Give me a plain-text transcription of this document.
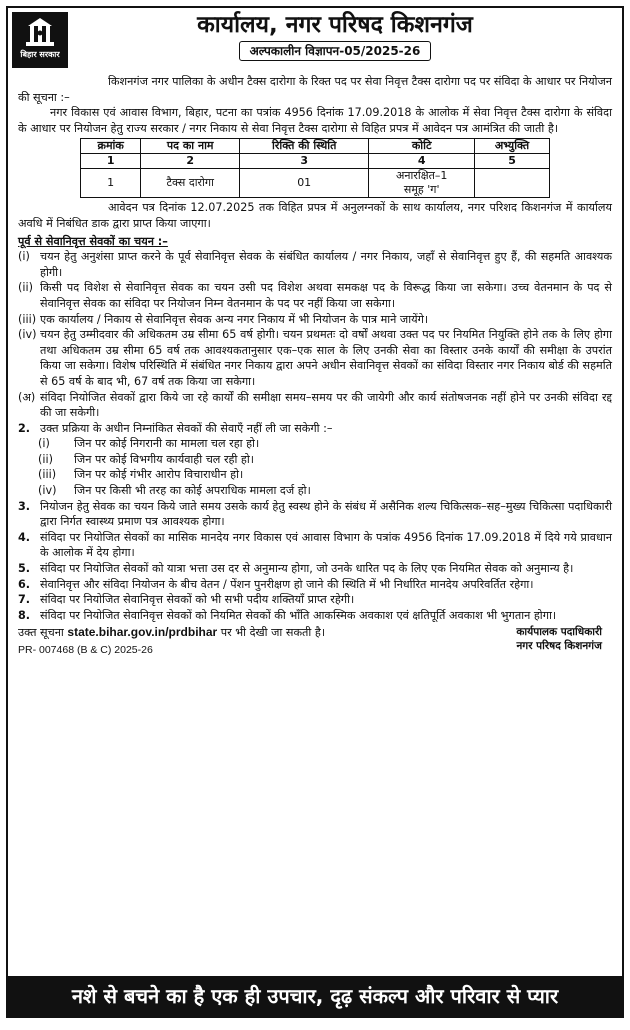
बिहार सरकार
कार्यालय, नगर परिषद किशनगंज
अल्पकालीन विज्ञापन-05/2025-26

किशनगंज नगर पालिका के अधीन टैक्स दारोगा के रिक्त पद पर सेवा निवृत्त टैक्स दारोगा पद पर संविदा के आधार पर नियोजन की सूचना :–

नगर विकास एवं आवास विभाग, बिहार, पटना का पत्रांक 4956 दिनांक 17.09.2018 के आलोक में सेवा निवृत्त टैक्स दारोगा के संविदा के आधार पर नियोजन हेतु राज्य सरकार / नगर निकाय से सेवा निवृत्त टैक्स दारोगा से विहित प्रपत्र में आवेदन पत्र आमंत्रित की जाती है।

क्रमांक	पद का नाम	रिक्ति की स्थिति	कोटि	अभ्युक्ति
1	2	3	4	5
1	टैक्स दारोगा	01	अनारक्षित–1
समूह 'ग'	

आवेदन पत्र दिनांक 12.07.2025 तक विहित प्रपत्र में अनुलग्नकों के साथ कार्यालय, नगर परिशद किशनगंज में कार्यालय अवधि में निबंधित डाक द्वारा प्राप्त किया जाएगा।

पूर्व से सेवानिवृत्त सेवकों का चयन :–
(i) चयन हेतु अनुशंसा प्राप्त करने के पूर्व सेवानिवृत्त सेवक के संबंधित कार्यालय / नगर निकाय, जहाँ से सेवानिवृत्त हुए हैं, की सहमति आवश्यक होगी।
(ii) किसी पद विशेश से सेवानिवृत्त सेवक का चयन उसी पद विशेश अथवा समकक्ष पद के विरूद्ध किया जा सकेगा। उच्च वेतनमान के पद से सेवानिवृत्त सेवक का संविदा पर नियोजन निम्न वेतनमान के पद पर नहीं किया जा सकेगा।
(iii) एक कार्यालय / निकाय से सेवानिवृत्त सेवक अन्य नगर निकाय में भी नियोजन के पात्र माने जायेंगे।
(iv) चयन हेतु उम्मीदवार की अधिकतम उम्र सीमा 65 वर्ष होगी। चयन प्रथमतः दो वर्षों अथवा उक्त पद पर नियमित नियुक्ति होने तक के लिए होगा तथा अधिकतम उम्र सीमा 65 वर्ष तक आवश्यकतानुसार एक–एक साल के लिए उनकी सेवा का विस्तार उनके कार्यों की समीक्षा के उपरांत किया जा सकेगा। विशेष परिस्थिति में संबंधित नगर निकाय द्वारा अपने अधीन सेवानिवृत्त सेवकों का संविदा विस्तार नगर निकाय बोर्ड की सहमति से 65 वर्ष के बाद भी, 67 वर्ष तक किया जा सकेगा।
(अ) संविदा नियोजित सेवकों द्वारा किये जा रहे कार्यों की समीक्षा समय–समय पर की जायेगी और कार्य संतोषजनक नहीं होने पर उनकी संविदा रद्द की जा सकेगी।
2. उक्त प्रक्रिया के अधीन निम्नांकित सेवकों की सेवाएँ नहीं ली जा सकेगी :–
(i)	जिन पर कोई निगरानी का मामला चल रहा हो।
(ii)	जिन पर कोई विभगीय कार्यवाही चल रही हो।
(iii)	जिन पर कोई गंभीर आरोप विचाराधीन हो।
(iv)	जिन पर किसी भी तरह का कोई अपराधिक मामला दर्ज हो।
3. नियोजन हेतु सेवक का चयन किये जाते समय उसके कार्य हेतु स्वस्थ होने के संबंध में असैनिक शल्य चिकित्सक–सह–मुख्य चिकित्सा पदाधिकारी द्वारा निर्गत स्वास्थ्य प्रमाण पत्र आवश्यक होगा।
4. संविदा पर नियोजित सेवकों का मासिक मानदेय नगर विकास एवं आवास विभाग के पत्रांक 4956 दिनांक 17.09.2018 में दिये गये प्रावधान के आलोक में देय होगा।
5. संविदा पर नियोजित सेवकों को यात्रा भत्ता उस दर से अनुमान्य होगा, जो उनके धारित पद के लिए एक नियमित सेवक को अनुमान्य है।
6. सेवानिवृत्त और संविदा नियोजन के बीच वेतन / पेंशन पुनरीक्षण हो जाने की स्थिति में भी निर्धारित मानदेय अपरिवर्तित रहेगा।
7. संविदा पर नियोजित सेवानिवृत्त सेवकों को भी सभी पदीय शक्तियाँ प्राप्त रहेगी।
8. संविदा पर नियोजित सेवानिवृत्त सेवकों को नियमित सेवकों की भाँति आकस्मिक अवकाश एवं क्षतिपूर्ति अवकाश भी भुगतान होगा।
उक्त सूचना state.bihar.gov.in/prdbihar पर भी देखी जा सकती है।
PR- 007468 (B & C) 2025-26
कार्यपालक पदाधिकारी
नगर परिषद किशनगंज
नशे से बचने का है एक ही उपचार, दृढ़ संकल्प और परिवार से प्यार
